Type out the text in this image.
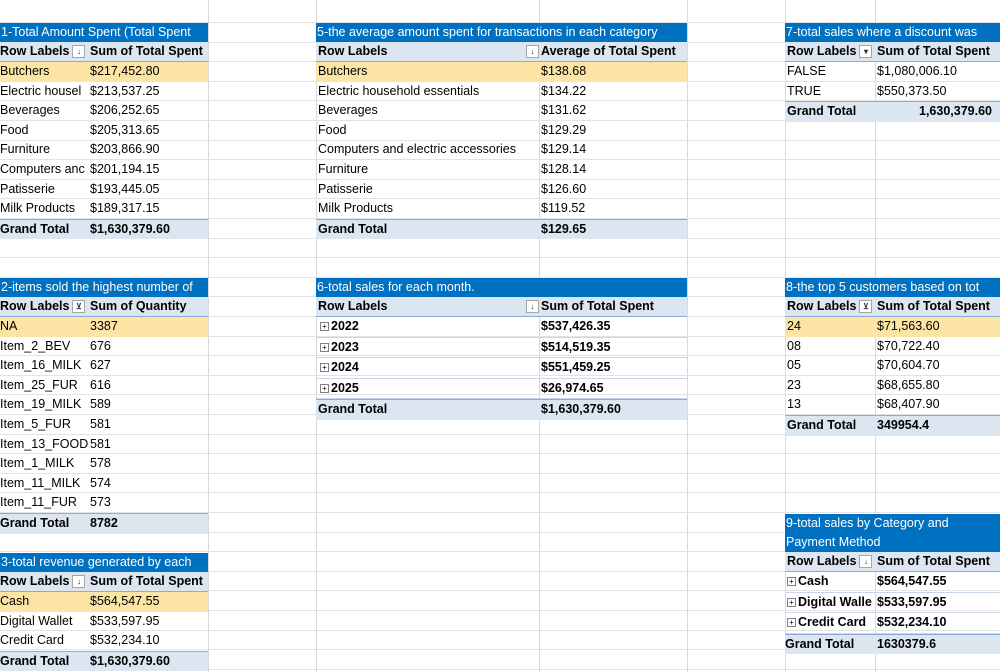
1-Total Amount Spent (Total Spent
Row Labels ↓ Sum of Total Spent
Butchers	$217,452.80
Electric housel $213,537.25
Beverages $206,252.65
Food	$205,313.65
Furniture	$203,866.90
Computers anc $201,194.15
Patisserie	$193,445.05
Milk Products $189,317.15
Grand Total	$1,630,379.60
2-items sold the highest number of
Row Labels ⊻ Sum of Quantity
NA	3387
Item_2_BEV 676
Item_16_MILK 627
Item_25_FUR 616
Item_19_MILK 589
Item_5_FUR 581
Item_13_FOOD 581
Item_1_MILK 578
Item_11_MILK 574
Item_11_FUR 573
Grand Total	8782
3-total revenue generated by each
Row Labels ↓ Sum of Total Spent
Cash	$564,547.55
Digital Wallet $533,597.95
Credit Card $532,234.10
Grand Total	$1,630,379.60
5-the average amount spent for transactions in each category
Row Labels	↓ Average of Total Spent
Butchers	$138.68
Electric household essentials	$134.22
Beverages	$131.62
Food	$129.29
Computers and electric accessories $129.14
Furniture	$128.14
Patisserie	$126.60
Milk Products	$119.52
Grand Total	$129.65
6-total sales for each month.
Row Labels	↓ Sum of Total Spent
+ 2022	$537,426.35
+ 2023	$514,519.35
+ 2024	$551,459.25
+ 2025	$26,974.65
Grand Total	$1,630,379.60
7-total sales where a discount was
Row Labels ▾ Sum of Total Spent
FALSE	$1,080,006.10
TRUE	$550,373.50
Grand Total	1,630,379.60
8-the top 5 customers based on tot
Row Labels ⊻ Sum of Total Spent
24	$71,563.60
08	$70,722.40
05	$70,604.70
23	$68,655.80
13	$68,407.90
Grand Total	349954.4
9-total sales by Category and Payment Method
Row Labels ↓ Sum of Total Spent
+ Cash	$564,547.55
+ Digital Walle $533,597.95
+ Credit Card $532,234.10
Grand Total	1630379.6
